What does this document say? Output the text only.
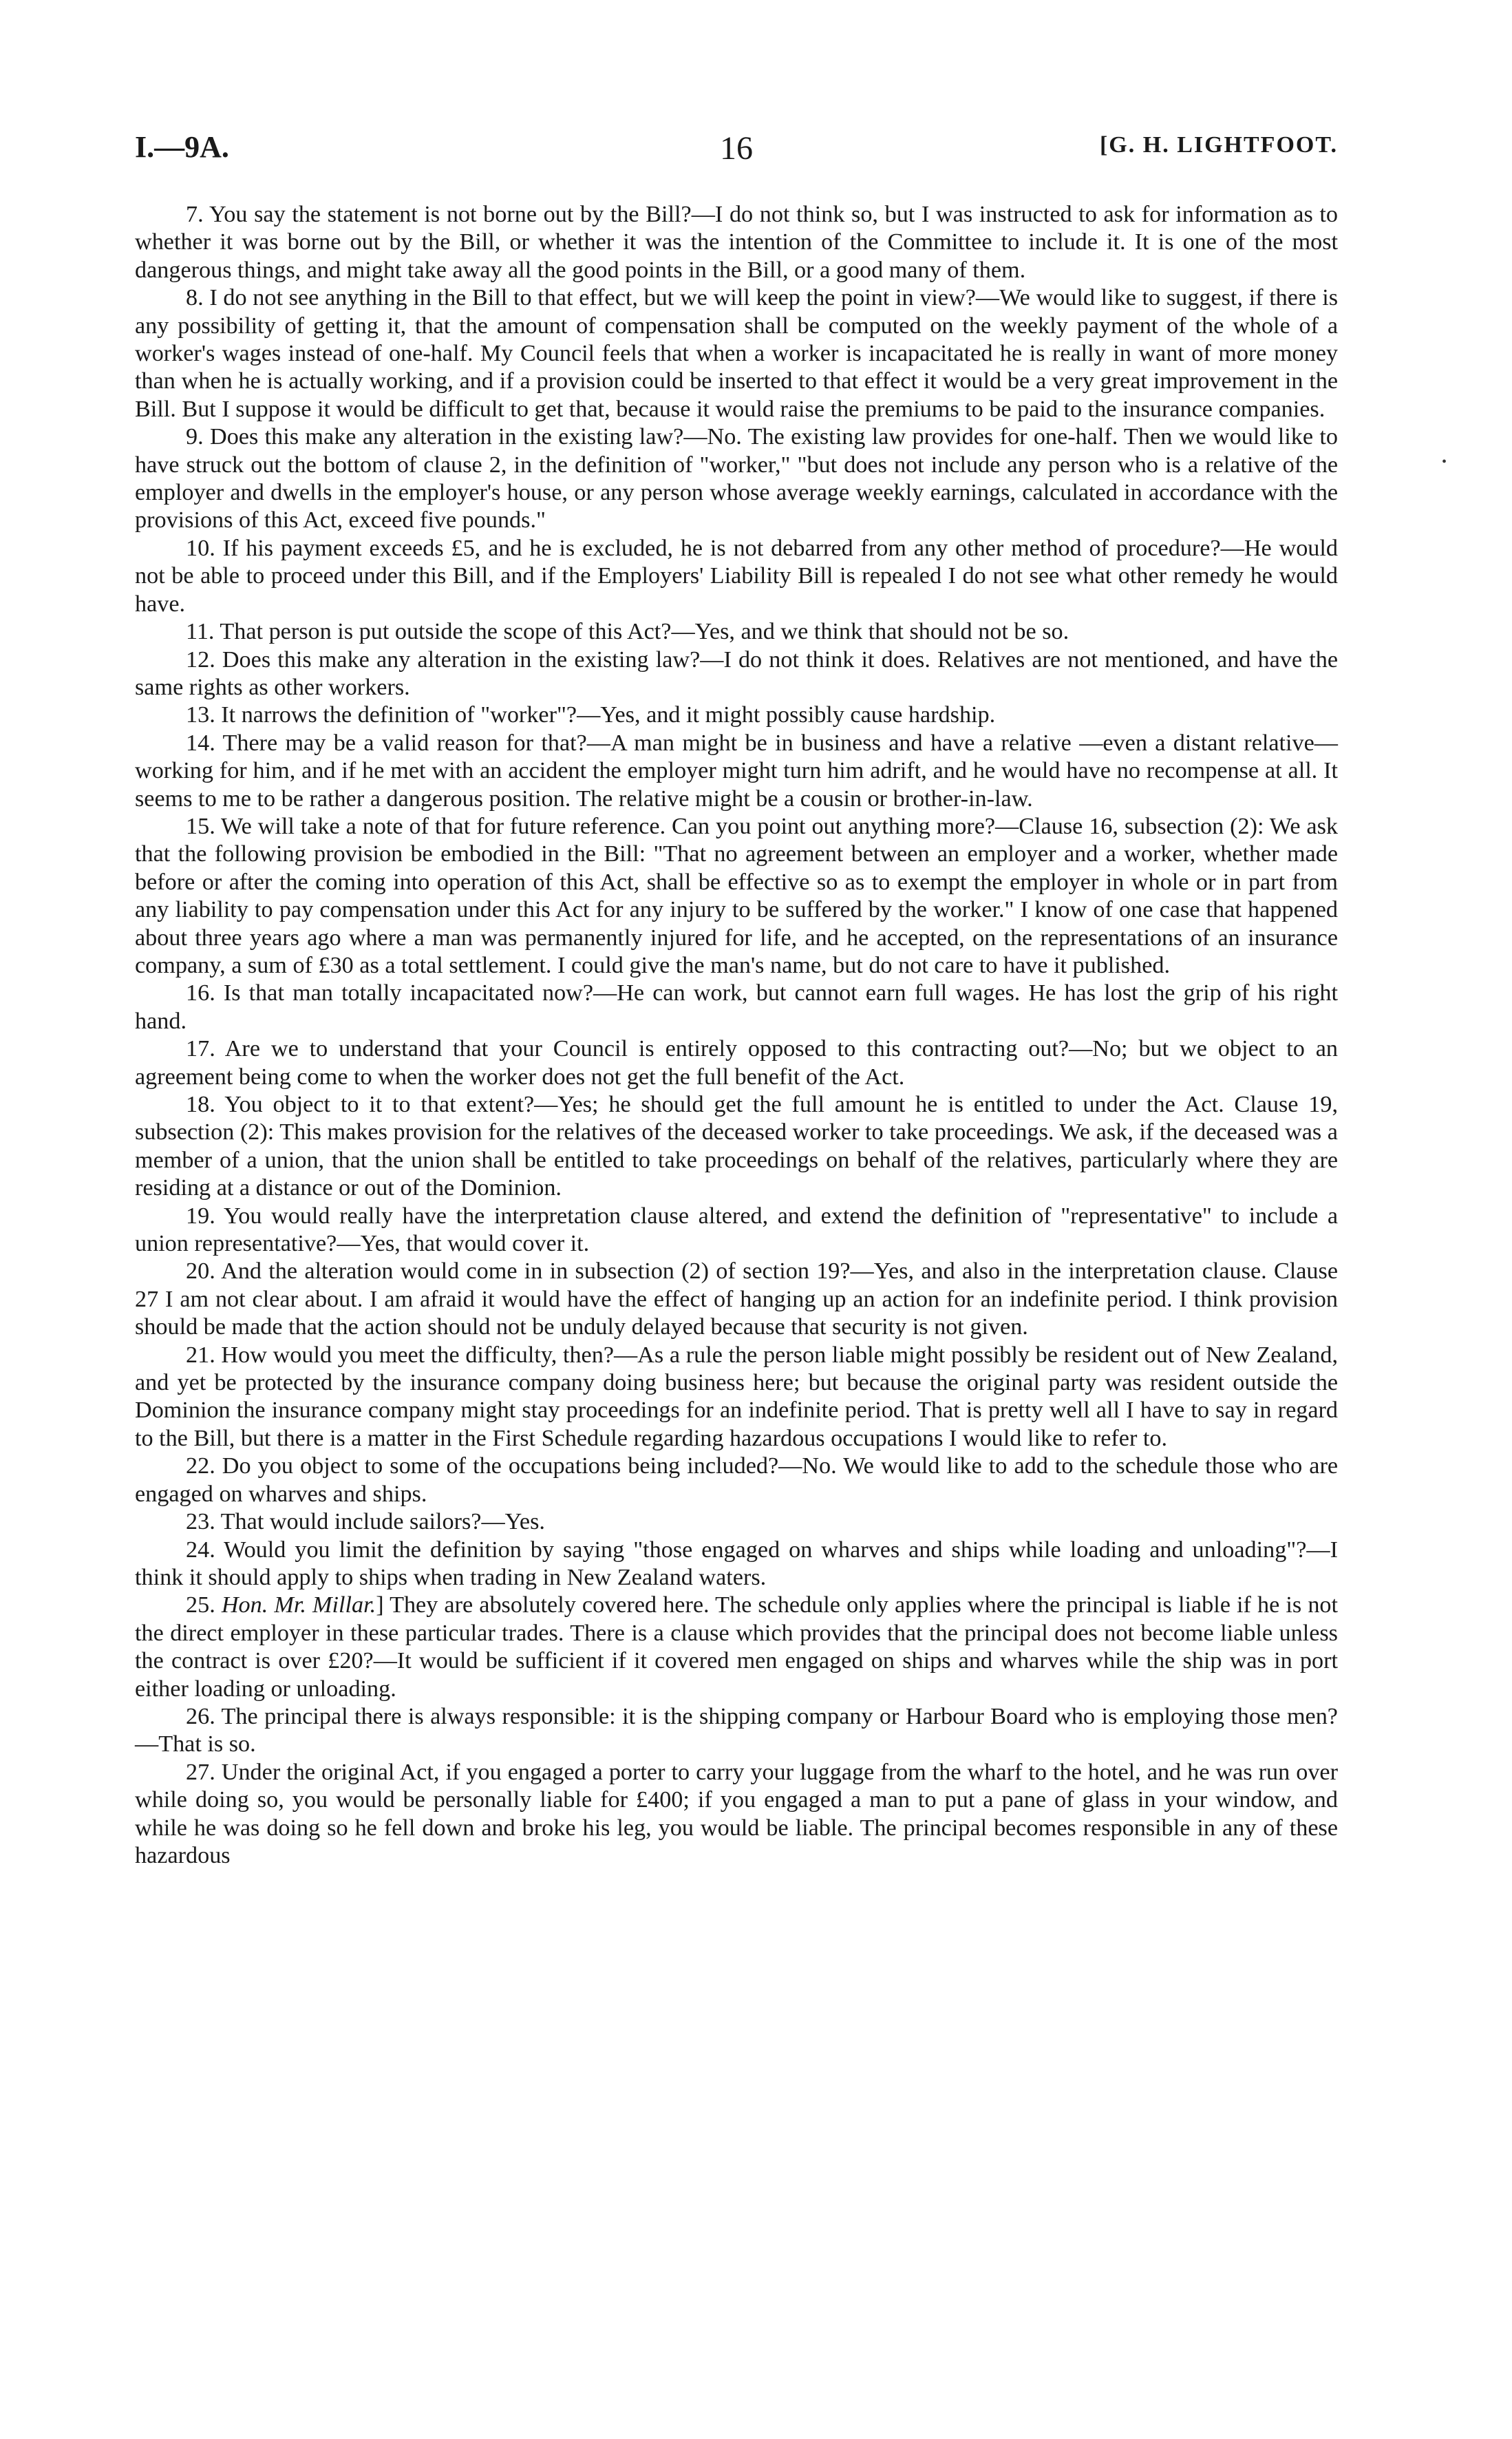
I.—9A.	16	[G. H. LIGHTFOOT.

7. You say the statement is not borne out by the Bill?—I do not think so, but I was instructed to ask for information as to whether it was borne out by the Bill, or whether it was the intention of the Committee to include it. It is one of the most dangerous things, and might take away all the good points in the Bill, or a good many of them.

8. I do not see anything in the Bill to that effect, but we will keep the point in view?—We would like to suggest, if there is any possibility of getting it, that the amount of compensation shall be computed on the weekly payment of the whole of a worker's wages instead of one-half. My Council feels that when a worker is incapacitated he is really in want of more money than when he is actually working, and if a provision could be inserted to that effect it would be a very great improvement in the Bill. But I suppose it would be difficult to get that, because it would raise the premiums to be paid to the insurance companies.

9. Does this make any alteration in the existing law?—No. The existing law provides for one-half. Then we would like to have struck out the bottom of clause 2, in the definition of "worker," "but does not include any person who is a relative of the employer and dwells in the employer's house, or any person whose average weekly earnings, calculated in accordance with the provisions of this Act, exceed five pounds."

10. If his payment exceeds £5, and he is excluded, he is not debarred from any other method of procedure?—He would not be able to proceed under this Bill, and if the Employers' Liability Bill is repealed I do not see what other remedy he would have.

11. That person is put outside the scope of this Act?—Yes, and we think that should not be so.

12. Does this make any alteration in the existing law?—I do not think it does. Relatives are not mentioned, and have the same rights as other workers.

13. It narrows the definition of "worker"?—Yes, and it might possibly cause hardship.

14. There may be a valid reason for that?—A man might be in business and have a relative —even a distant relative—working for him, and if he met with an accident the employer might turn him adrift, and he would have no recompense at all. It seems to me to be rather a dangerous position. The relative might be a cousin or brother-in-law.

15. We will take a note of that for future reference. Can you point out anything more?—Clause 16, subsection (2): We ask that the following provision be embodied in the Bill: "That no agreement between an employer and a worker, whether made before or after the coming into operation of this Act, shall be effective so as to exempt the employer in whole or in part from any liability to pay compensation under this Act for any injury to be suffered by the worker." I know of one case that happened about three years ago where a man was permanently injured for life, and he accepted, on the representations of an insurance company, a sum of £30 as a total settlement. I could give the man's name, but do not care to have it published.

16. Is that man totally incapacitated now?—He can work, but cannot earn full wages. He has lost the grip of his right hand.

17. Are we to understand that your Council is entirely opposed to this contracting out?—No; but we object to an agreement being come to when the worker does not get the full benefit of the Act.

18. You object to it to that extent?—Yes; he should get the full amount he is entitled to under the Act. Clause 19, subsection (2): This makes provision for the relatives of the deceased worker to take proceedings. We ask, if the deceased was a member of a union, that the union shall be entitled to take proceedings on behalf of the relatives, particularly where they are residing at a distance or out of the Dominion.

19. You would really have the interpretation clause altered, and extend the definition of "representative" to include a union representative?—Yes, that would cover it.

20. And the alteration would come in in subsection (2) of section 19?—Yes, and also in the interpretation clause. Clause 27 I am not clear about. I am afraid it would have the effect of hanging up an action for an indefinite period. I think provision should be made that the action should not be unduly delayed because that security is not given.

21. How would you meet the difficulty, then?—As a rule the person liable might possibly be resident out of New Zealand, and yet be protected by the insurance company doing business here; but because the original party was resident outside the Dominion the insurance company might stay proceedings for an indefinite period. That is pretty well all I have to say in regard to the Bill, but there is a matter in the First Schedule regarding hazardous occupations I would like to refer to.

22. Do you object to some of the occupations being included?—No. We would like to add to the schedule those who are engaged on wharves and ships.

23. That would include sailors?—Yes.

24. Would you limit the definition by saying "those engaged on wharves and ships while loading and unloading"?—I think it should apply to ships when trading in New Zealand waters.

25. Hon. Mr. Millar.] They are absolutely covered here. The schedule only applies where the principal is liable if he is not the direct employer in these particular trades. There is a clause which provides that the principal does not become liable unless the contract is over £20?—It would be sufficient if it covered men engaged on ships and wharves while the ship was in port either loading or unloading.

26. The principal there is always responsible: it is the shipping company or Harbour Board who is employing those men?—That is so.

27. Under the original Act, if you engaged a porter to carry your luggage from the wharf to the hotel, and he was run over while doing so, you would be personally liable for £400; if you engaged a man to put a pane of glass in your window, and while he was doing so he fell down and broke his leg, you would be liable. The principal becomes responsible in any of these hazardous

•
